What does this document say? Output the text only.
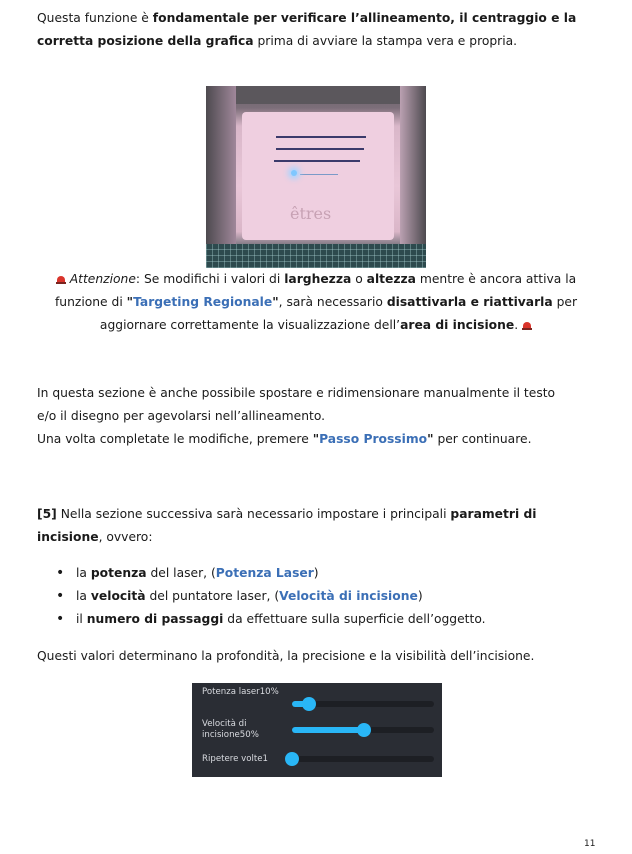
Questa funzione è fondamentale per verificare l’allineamento, il centraggio e la corretta posizione della grafica prima di avviare la stampa vera e propria.
êtres
Attenzione: Se modifichi i valori di larghezza o altezza mentre è ancora attiva la funzione di "Targeting Regionale", sarà necessario disattivarla e riattivarla per aggiornare correttamente la visualizzazione dell’area di incisione.
In questa sezione è anche possibile spostare e ridimensionare manualmente il testo
e/o il disegno per agevolarsi nell’allineamento.
Una volta completate le modifiche, premere "Passo Prossimo" per continuare.
[5] Nella sezione successiva sarà necessario impostare i principali parametri di incisione, ovvero:
• la potenza del laser, (Potenza Laser)
• la velocità del puntatore laser, (Velocità di incisione)
• il numero di passaggi da effettuare sulla superficie dell’oggetto.
Questi valori determinano la profondità, la precisione e la visibilità dell’incisione.
Potenza laser10%
Velocità di incisione50%
Ripetere volte1
11
